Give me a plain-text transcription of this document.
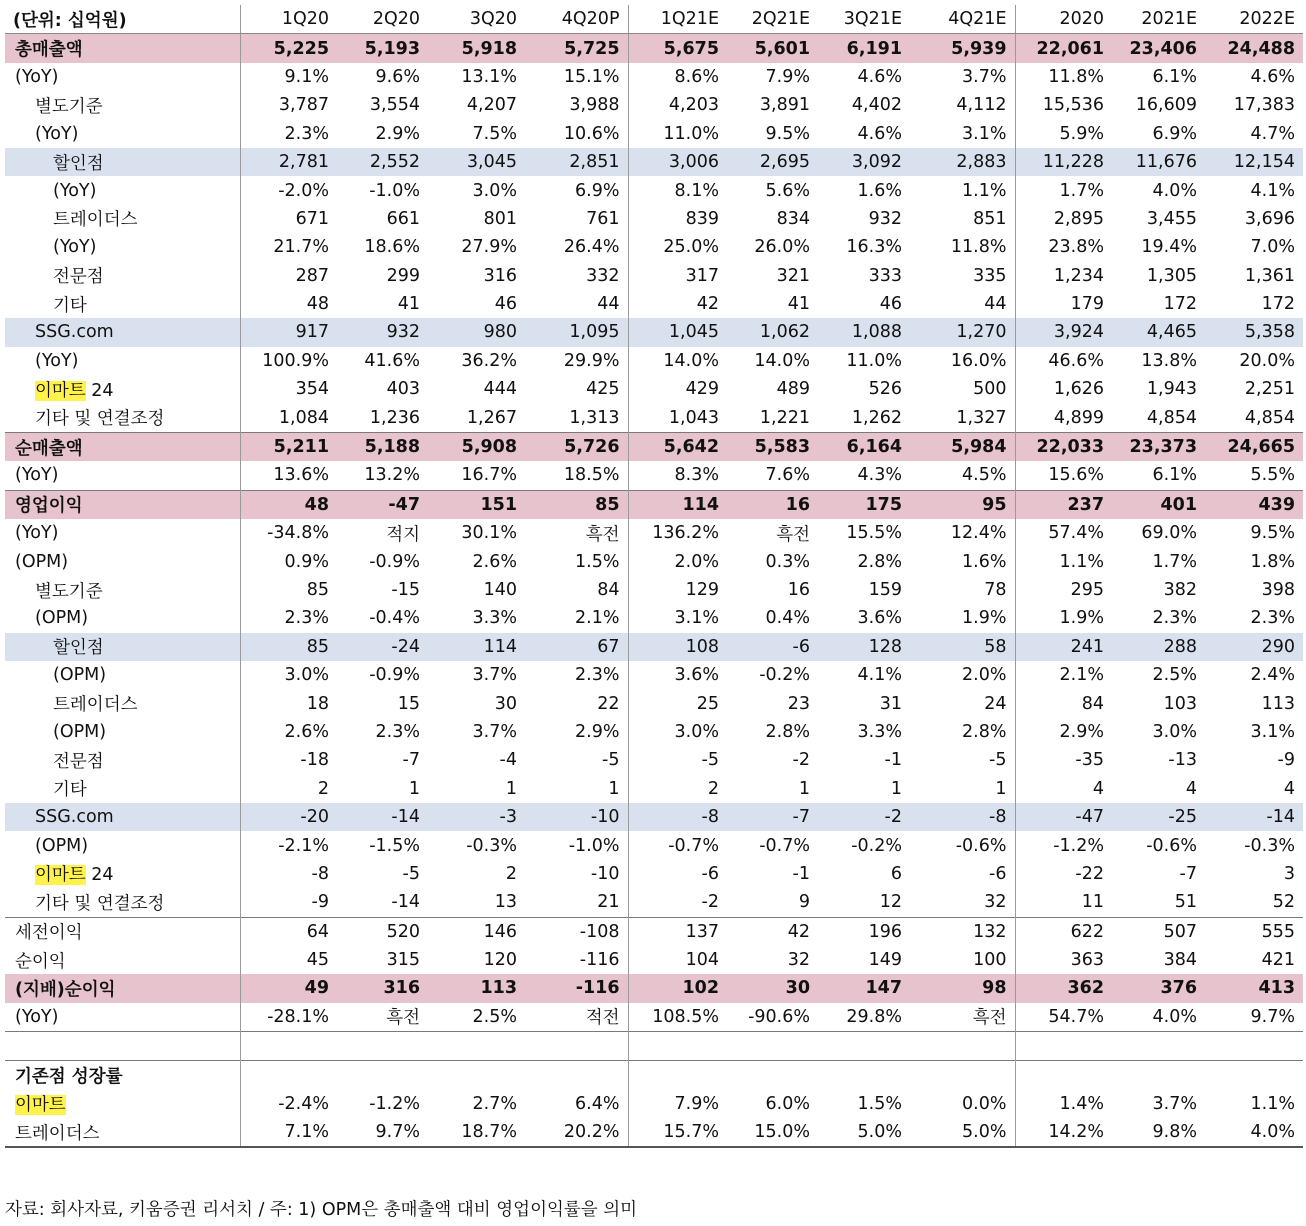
(단위: 십억원)	1Q20	2Q20	3Q20	4Q20P	1Q21E	2Q21E	3Q21E	4Q21E	2020	2021E	2022E
총매출액	5,225	5,193	5,918	5,725	5,675	5,601	6,191	5,939	22,061	23,406	24,488
(YoY)	9.1%	9.6%	13.1%	15.1%	8.6%	7.9%	4.6%	3.7%	11.8%	6.1%	4.6%
별도기준	3,787	3,554	4,207	3,988	4,203	3,891	4,402	4,112	15,536	16,609	17,383
(YoY)	2.3%	2.9%	7.5%	10.6%	11.0%	9.5%	4.6%	3.1%	5.9%	6.9%	4.7%
할인점	2,781	2,552	3,045	2,851	3,006	2,695	3,092	2,883	11,228	11,676	12,154
(YoY)	-2.0%	-1.0%	3.0%	6.9%	8.1%	5.6%	1.6%	1.1%	1.7%	4.0%	4.1%
트레이더스	671	661	801	761	839	834	932	851	2,895	3,455	3,696
(YoY)	21.7%	18.6%	27.9%	26.4%	25.0%	26.0%	16.3%	11.8%	23.8%	19.4%	7.0%
전문점	287	299	316	332	317	321	333	335	1,234	1,305	1,361
기타	48	41	46	44	42	41	46	44	179	172	172
SSG.com	917	932	980	1,095	1,045	1,062	1,088	1,270	3,924	4,465	5,358
(YoY)	100.9%	41.6%	36.2%	29.9%	14.0%	14.0%	11.0%	16.0%	46.6%	13.8%	20.0%
이마트 24	354	403	444	425	429	489	526	500	1,626	1,943	2,251
기타 및 연결조정	1,084	1,236	1,267	1,313	1,043	1,221	1,262	1,327	4,899	4,854	4,854
순매출액	5,211	5,188	5,908	5,726	5,642	5,583	6,164	5,984	22,033	23,373	24,665
(YoY)	13.6%	13.2%	16.7%	18.5%	8.3%	7.6%	4.3%	4.5%	15.6%	6.1%	5.5%
영업이익	48	-47	151	85	114	16	175	95	237	401	439
(YoY)	-34.8%	적지	30.1%	흑전	136.2%	흑전	15.5%	12.4%	57.4%	69.0%	9.5%
(OPM)	0.9%	-0.9%	2.6%	1.5%	2.0%	0.3%	2.8%	1.6%	1.1%	1.7%	1.8%
별도기준	85	-15	140	84	129	16	159	78	295	382	398
(OPM)	2.3%	-0.4%	3.3%	2.1%	3.1%	0.4%	3.6%	1.9%	1.9%	2.3%	2.3%
할인점	85	-24	114	67	108	-6	128	58	241	288	290
(OPM)	3.0%	-0.9%	3.7%	2.3%	3.6%	-0.2%	4.1%	2.0%	2.1%	2.5%	2.4%
트레이더스	18	15	30	22	25	23	31	24	84	103	113
(OPM)	2.6%	2.3%	3.7%	2.9%	3.0%	2.8%	3.3%	2.8%	2.9%	3.0%	3.1%
전문점	-18	-7	-4	-5	-5	-2	-1	-5	-35	-13	-9
기타	2	1	1	1	2	1	1	1	4	4	4
SSG.com	-20	-14	-3	-10	-8	-7	-2	-8	-47	-25	-14
(OPM)	-2.1%	-1.5%	-0.3%	-1.0%	-0.7%	-0.7%	-0.2%	-0.6%	-1.2%	-0.6%	-0.3%
이마트 24	-8	-5	2	-10	-6	-1	6	-6	-22	-7	3
기타 및 연결조정	-9	-14	13	21	-2	9	12	32	11	51	52
세전이익	64	520	146	-108	137	42	196	132	622	507	555
순이익	45	315	120	-116	104	32	149	100	363	384	421
(지배)순이익	49	316	113	-116	102	30	147	98	362	376	413
(YoY)	-28.1%	흑전	2.5%	적전	108.5%	-90.6%	29.8%	흑전	54.7%	4.0%	9.7%

기존점 성장률											
이마트	-2.4%	-1.2%	2.7%	6.4%	7.9%	6.0%	1.5%	0.0%	1.4%	3.7%	1.1%
트레이더스	7.1%	9.7%	18.7%	20.2%	15.7%	15.0%	5.0%	5.0%	14.2%	9.8%	4.0%
자료: 회사자료, 키움증권 리서치 / 주: 1) OPM은 총매출액 대비 영업이익률을 의미
